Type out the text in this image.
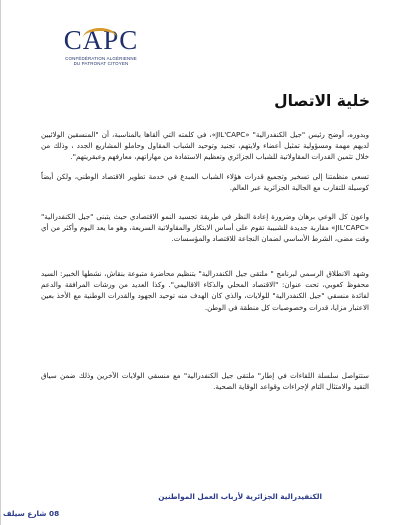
CAPC
CONFÉDÉRATION ALGÉRIENNE
DU PATRONAT CITOYEN
خلية الاتصال
وبدوره، أوضح رئيس "جيل الكنفدرالية" «JIL'CAPC»، في كلمته التي ألقاها بالمناسبة، أن "المنسقين الولائيين لديهم مهمة ومسؤولية تمثيل أعضاء ولايتهم، تجنيد وتوحيد الشباب المقاول وحاملو المشاريع الجدد ، وذلك من خلال تثمين القدرات المقاولاتية للشباب الجزائري وتعظيم الاستفادة من مهاراتهم، معارفهم وعبقريتهم".
تسعى منظمتنا إلى تسخير وتجميع قدرات هؤلاء الشباب المبدع في خدمة تطوير الاقتصاد الوطني، ولكن أيضاً كوسيلة للتقارب مع الجالية الجزائرية عبر العالم.
واعون كل الوعي برهان وضرورة إعادة النظر في طريقة تجسيد النمو الاقتصادي حيث يتبنى "جيل الكنفدرالية" «JIL'CAPC» مقاربة جديدة للشبيبة تقوم على أساس الابتكار والمقاولاتية السريعة، وهو ما يعد اليوم وأكثر من أي وقت مضى، الشرط الأساسي لضمان النجاعة للاقتصاد والمؤسسات.
وشهد الانطلاق الرسمي لبرنامج " ملتقى جيل الكنفدرالية" بتنظيم محاضرة متبوعة بنقاش، نشطها الخبير: السيد محفوظ كعوبي، تحت عنوان: "الاقتصاد المحلي والذكاء الاقاليمي". وكذا العديد من ورشات المرافقة والدعم لفائدة منسقي "جيل الكنفدرالية" للولايات، والذي كان الهدف منه توحيد الجهود والقدرات الوطنية مع الأخذ بعين الاعتبار مزايا، قدرات وخصوصيات كل منطقة في الوطن.
ستتواصل سلسلة اللقاءات في إطار" ملتقى جيل الكنفدرالية" مع منسقي الولايات الآخرين وذلك ضمن سياق التقيد والامتثال التام لإجراءات وقواعد الوقاية الصحية.
الكنفيدرالية الجزائرية لأرباب العمل المواطنين
08 شارع سيلف
